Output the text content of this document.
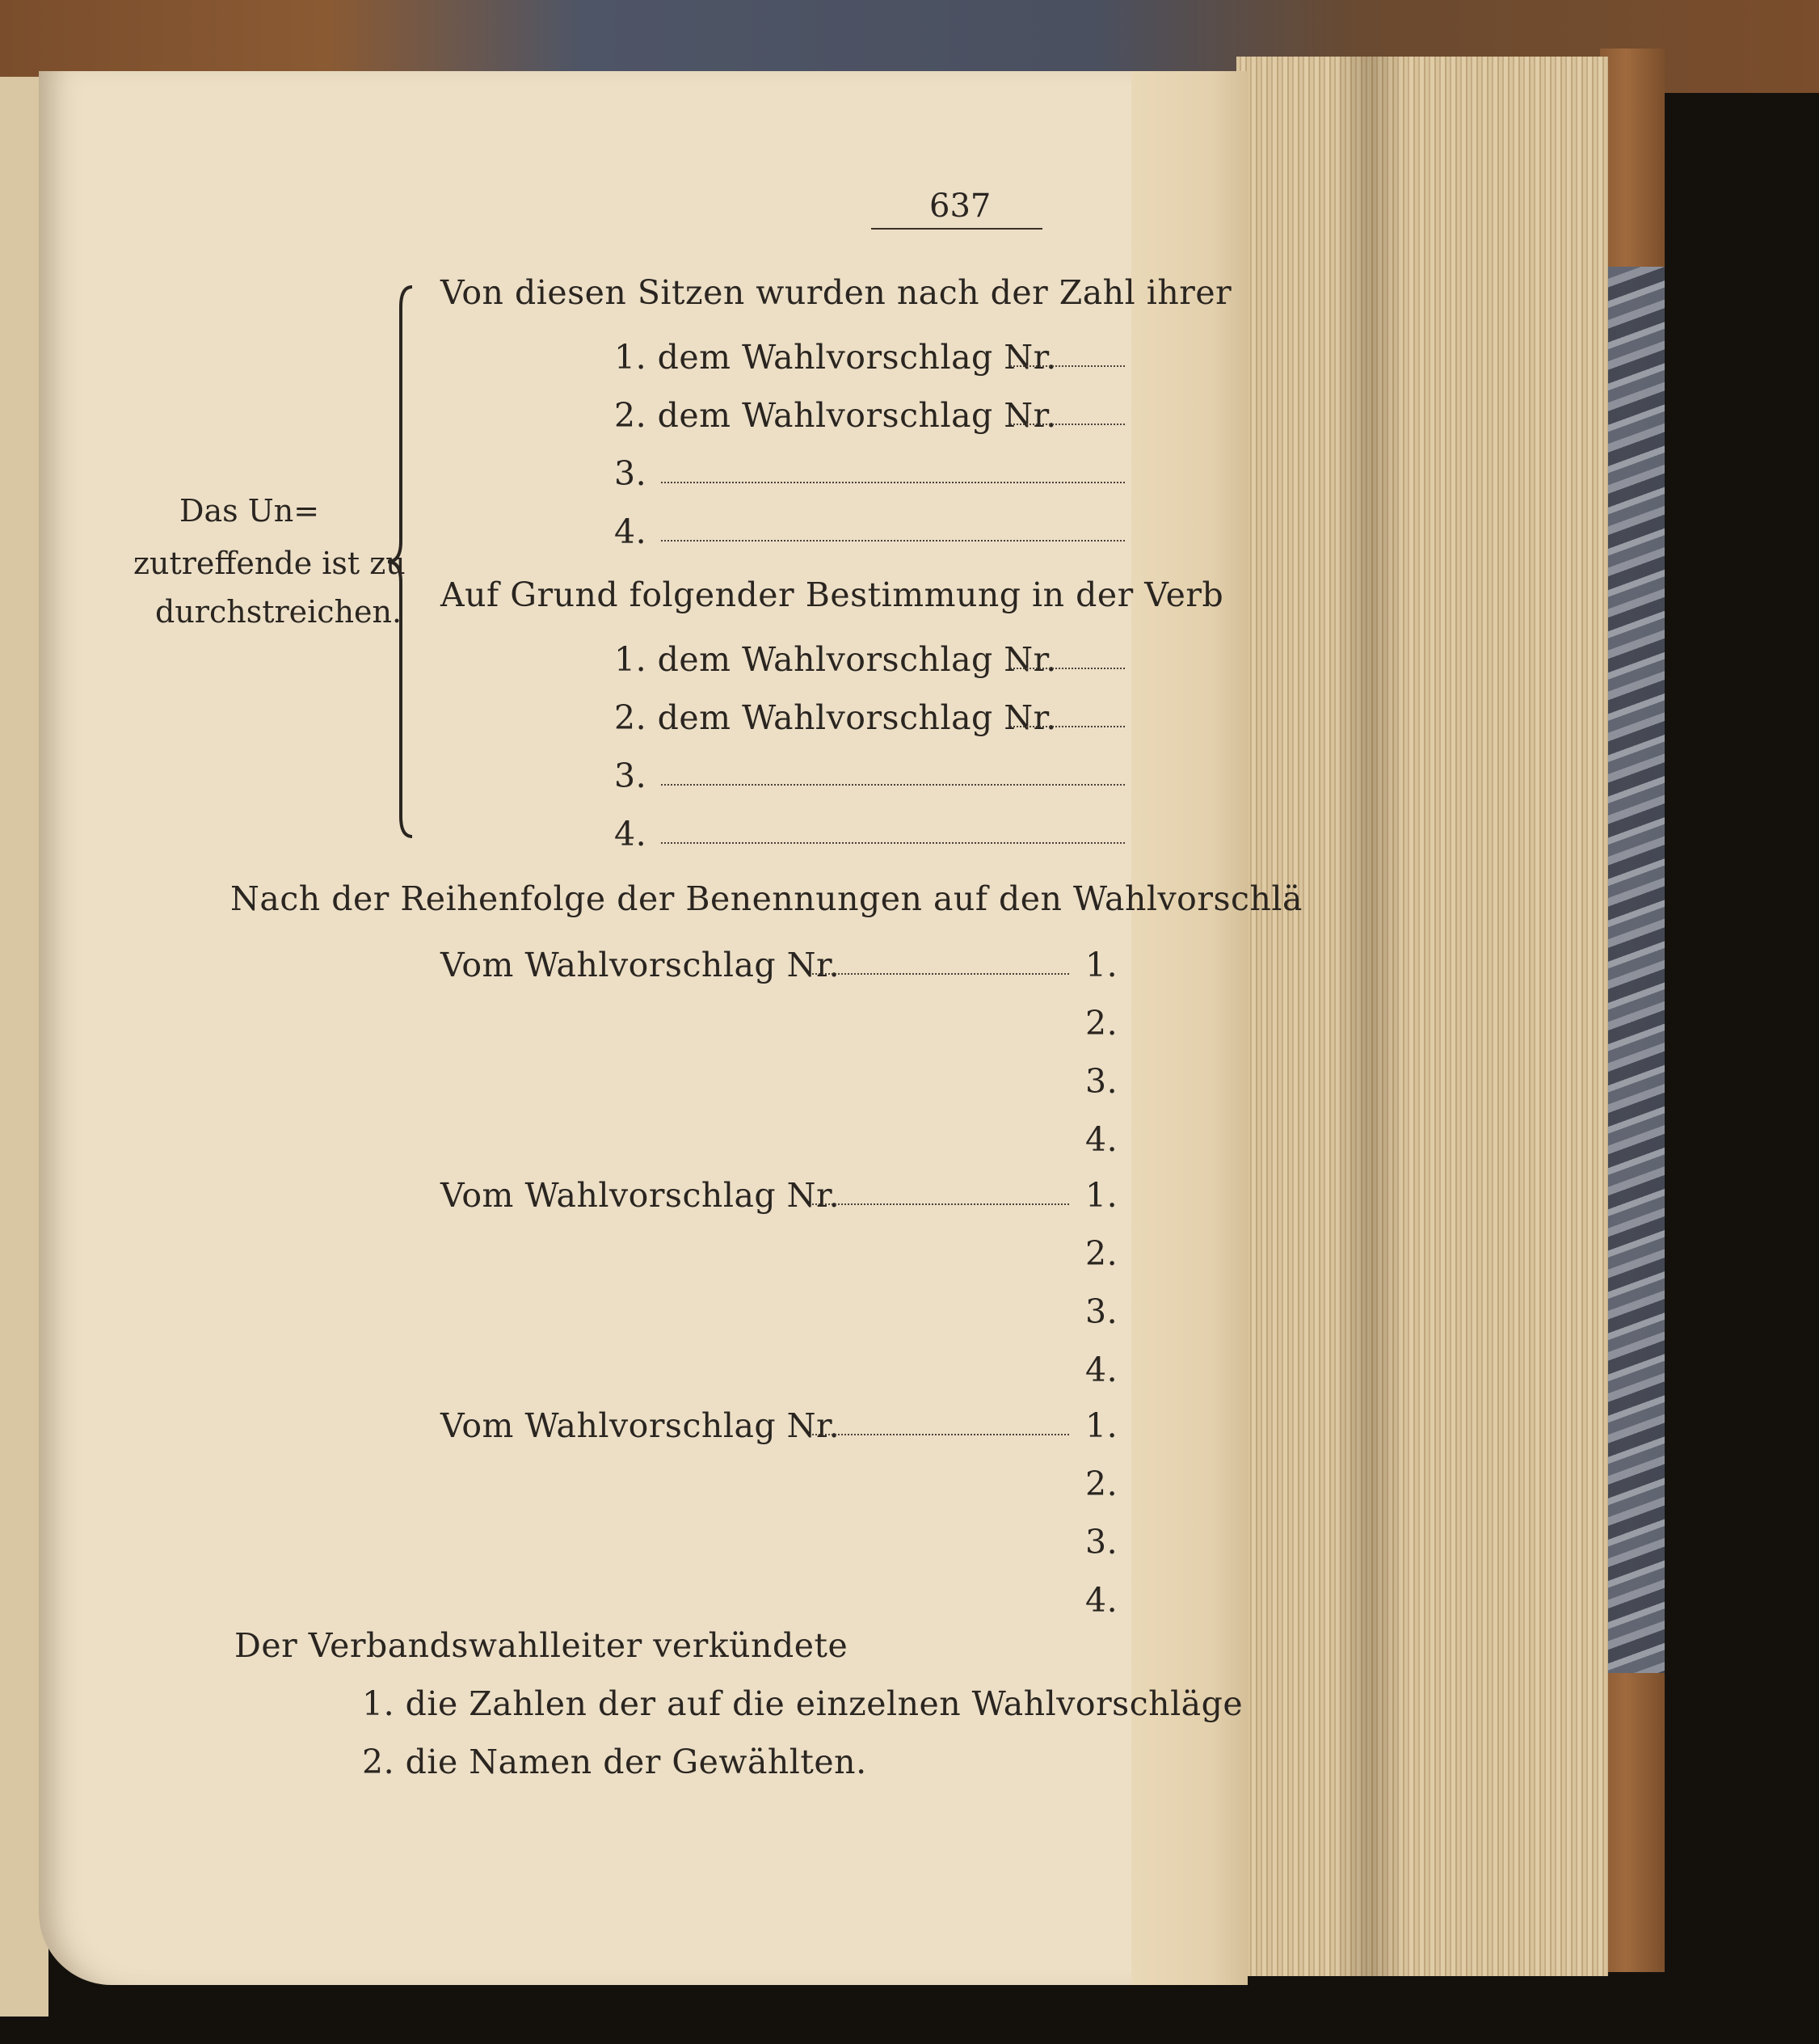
637
Das Un=
zutreffende ist zu
durchstreichen.
Von diesen Sitzen wurden nach der Zahl ihrer
1. dem Wahlvorschlag Nr.
2. dem Wahlvorschlag Nr.
3.
4.
Auf Grund folgender Bestimmung in der Verb
1. dem Wahlvorschlag Nr.
2. dem Wahlvorschlag Nr.
3.
4.
Nach der Reihenfolge der Benennungen auf den Wahlvorschlä
Vom Wahlvorschlag Nr.	1.
2.
3.
4.
Vom Wahlvorschlag Nr.	1.
2.
3.
4.
Vom Wahlvorschlag Nr.	1.
2.
3.
4.
Der Verbandswahlleiter verkündete
1. die Zahlen der auf die einzelnen Wahlvorschläge
2. die Namen der Gewählten.
